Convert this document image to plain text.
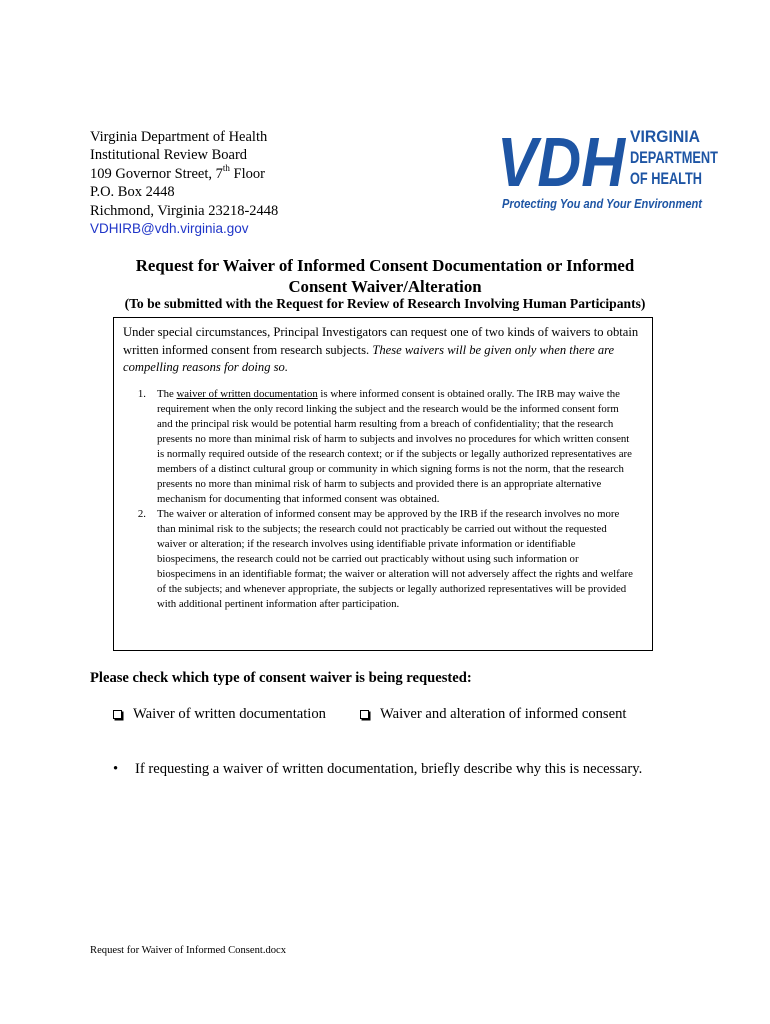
Virginia Department of Health
Institutional Review Board
109 Governor Street, 7th Floor
P.O. Box 2448
Richmond, Virginia 23218-2448
VDHIRB@vdh.virginia.gov
VDH VIRGINIA
DEPARTMENT
OF HEALTH
Protecting You and Your Environment
Request for Waiver of Informed Consent Documentation or Informed
Consent Waiver/Alteration
(To be submitted with the Request for Review of Research Involving Human Participants)

Under special circumstances, Principal Investigators can request one of two kinds of waivers to obtain written informed consent from research subjects. These waivers will be given only when there are compelling reasons for doing so.

1.	The waiver of written documentation is where informed consent is obtained orally. The IRB may waive the requirement when the only record linking the subject and the research would be the informed consent form and the principal risk would be potential harm resulting from a breach of confidentiality; that the research presents no more than minimal risk of harm to subjects and involves no procedures for which written consent is normally required outside of the research context; or if the subjects or legally authorized representatives are members of a distinct cultural group or community in which signing forms is not the norm, that the research presents no more than minimal risk of harm to subjects and provided there is an appropriate alternative mechanism for documenting that informed consent was obtained.
2.	The waiver or alteration of informed consent may be approved by the IRB if the research involves no more than minimal risk to the subjects; the research could not practicably be carried out without the requested waiver or alteration; if the research involves using identifiable private information or identifiable biospecimens, the research could not be carried out practicably without using such information or biospecimens in an identifiable format; the waiver or alteration will not adversely affect the rights and welfare of the subjects; and whenever appropriate, the subjects or legally authorized representatives will be provided with additional pertinent information after participation.
Please check which type of consent waiver is being requested:
Waiver of written documentation	Waiver and alteration of informed consent
• If requesting a waiver of written documentation, briefly describe why this is necessary.
Request for Waiver of Informed Consent.docx
